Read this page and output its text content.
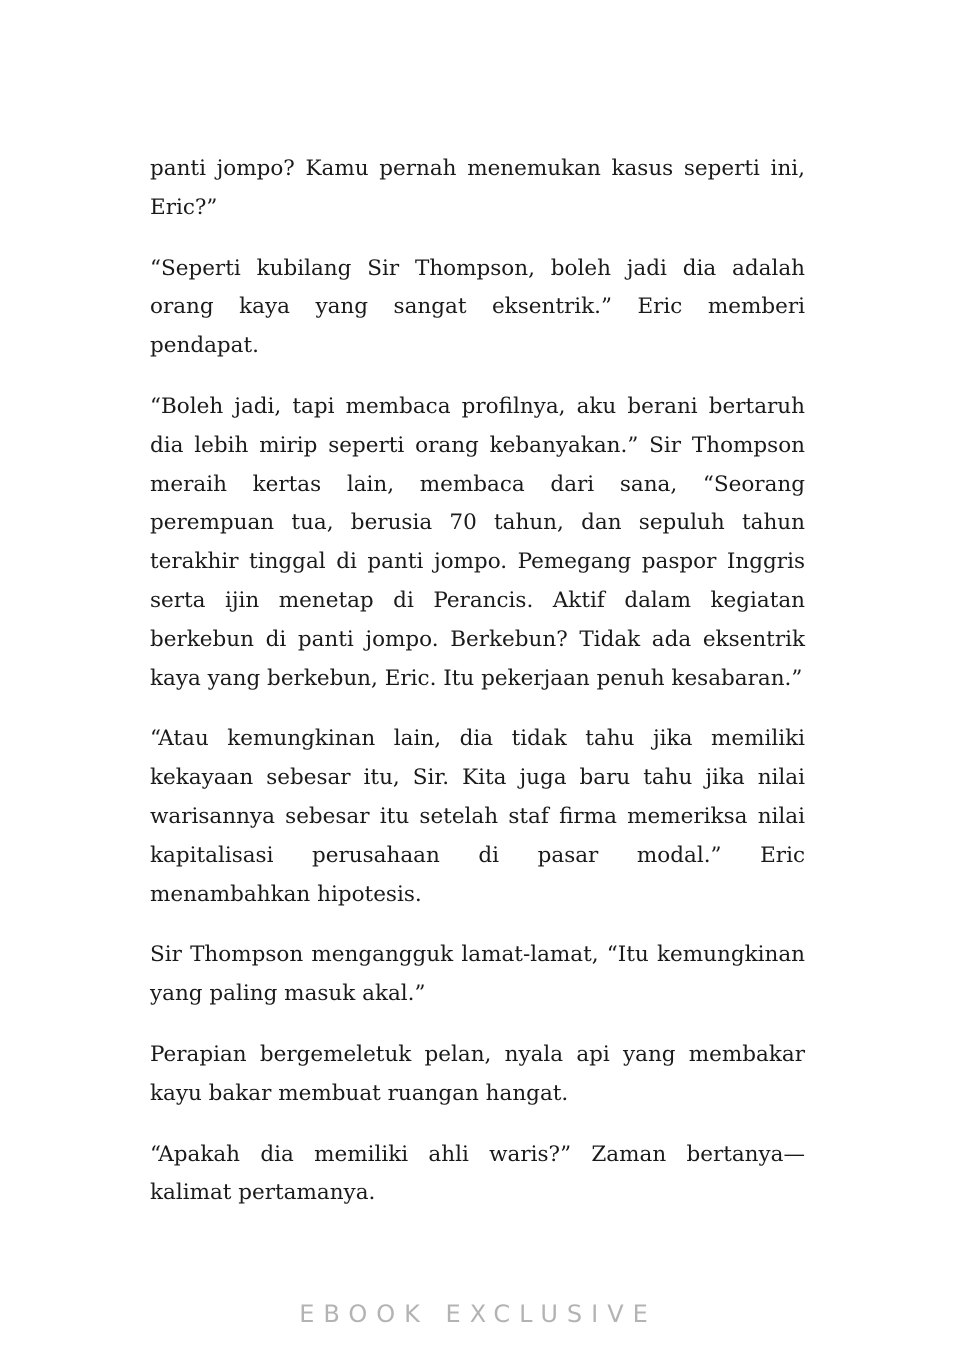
panti jompo? Kamu pernah menemukan kasus seperti ini, Eric?”

“Seperti kubilang Sir Thompson, boleh jadi dia adalah orang kaya yang sangat eksentrik.” Eric memberi pendapat.

“Boleh jadi, tapi membaca profilnya, aku berani bertaruh dia lebih mirip seperti orang kebanyakan.” Sir Thompson meraih kertas lain, membaca dari sana, “Seorang perempuan tua, berusia 70 tahun, dan sepuluh tahun terakhir tinggal di panti jompo. Pemegang paspor Inggris serta ijin menetap di Perancis. Aktif dalam kegiatan berkebun di panti jompo. Berkebun? Tidak ada eksentrik kaya yang berkebun, Eric. Itu pekerjaan penuh kesabaran.”

“Atau kemungkinan lain, dia tidak tahu jika memiliki kekayaan sebesar itu, Sir. Kita juga baru tahu jika nilai warisannya sebesar itu setelah staf firma memeriksa nilai kapitalisasi perusahaan di pasar modal.” Eric menambahkan hipotesis.

Sir Thompson mengangguk lamat-lamat, “Itu kemungkinan yang paling masuk akal.”

Perapian bergemeletuk pelan, nyala api yang membakar kayu bakar membuat ruangan hangat.

“Apakah dia memiliki ahli waris?” Zaman bertanya—kalimat pertamanya.

EBOOK EXCLUSIVE
